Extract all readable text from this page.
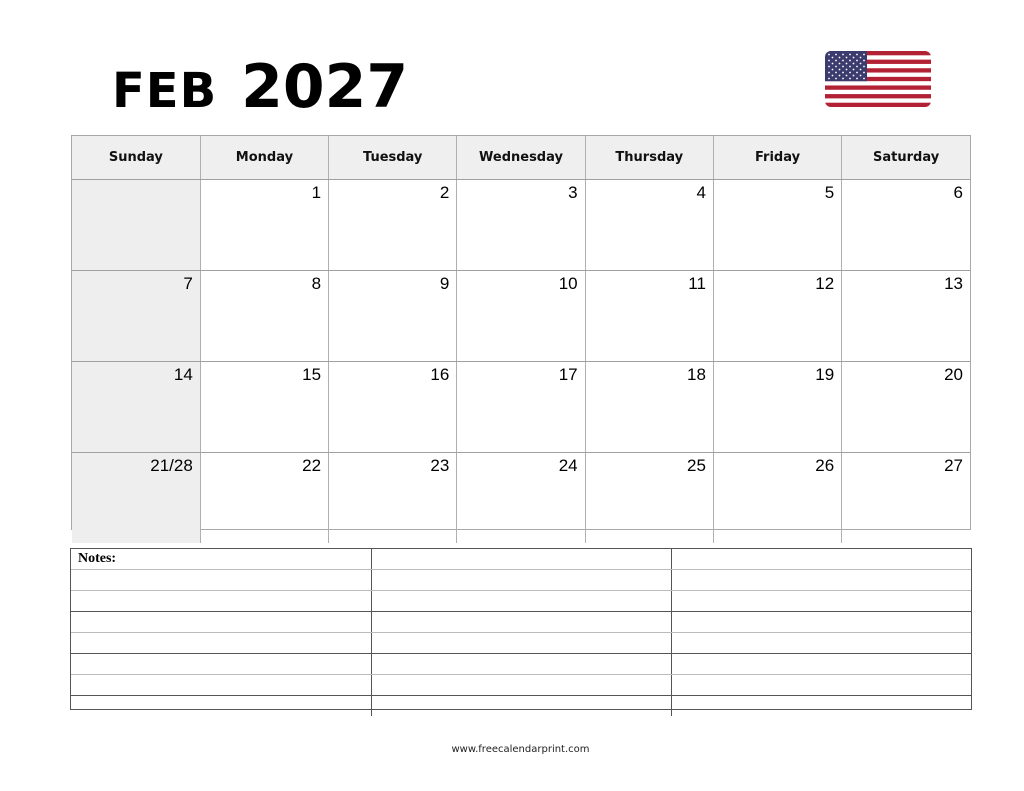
FEB 2027
Sunday	Monday	Tuesday	Wednesday	Thursday	Friday	Saturday
	1	2	3	4	5	6
7	8	9	10	11	12	13
14	15	16	17	18	19	20
21/28	22	23	24	25	26	27
Notes:		

www.freecalendarprint.com
